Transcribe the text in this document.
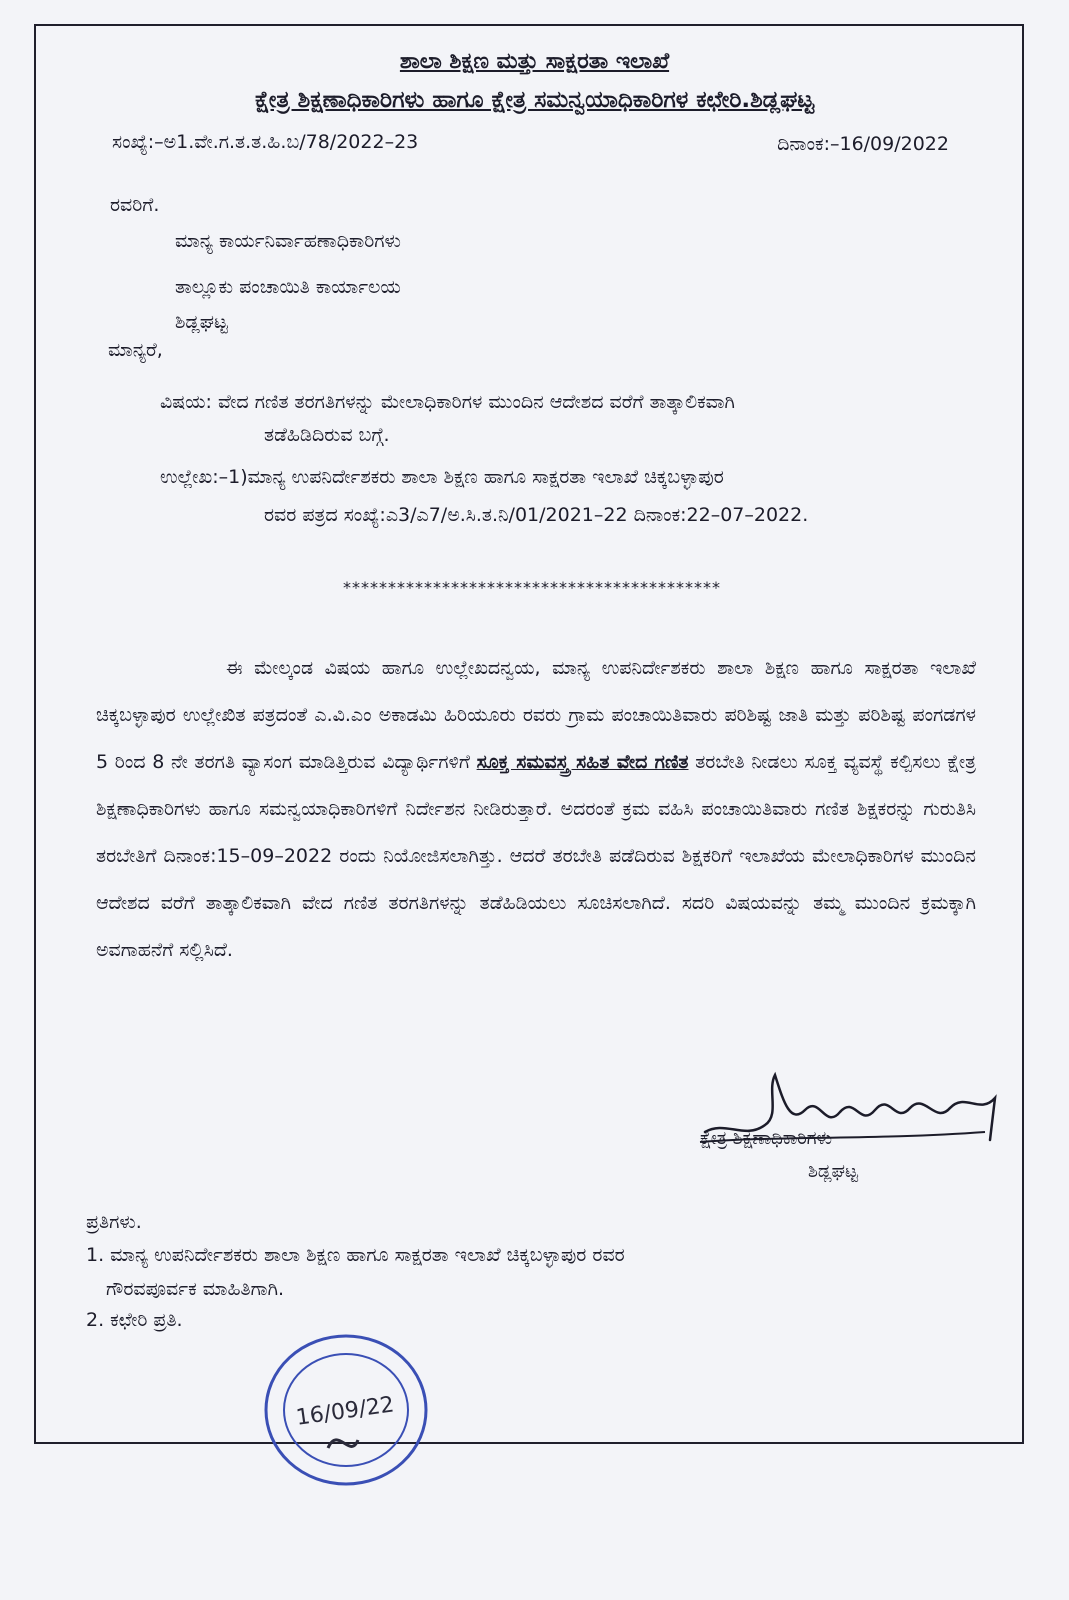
ಶಾಲಾ ಶಿಕ್ಷಣ ಮತ್ತು ಸಾಕ್ಷರತಾ ಇಲಾಖೆ
ಕ್ಷೇತ್ರ ಶಿಕ್ಷಣಾಧಿಕಾರಿಗಳು ಹಾಗೂ ಕ್ಷೇತ್ರ ಸಮನ್ವಯಾಧಿಕಾರಿಗಳ ಕಛೇರಿ.ಶಿಡ್ಲಘಟ್ಟ
ಸಂಖ್ಯೆ:–ಅ1.ವೇ.ಗ.ತ.ತ.ಹಿ.ಬ/78/2022–23	ದಿನಾಂಕ:–16/09/2022
ರವರಿಗೆ.
ಮಾನ್ಯ ಕಾರ್ಯನಿರ್ವಾಹಣಾಧಿಕಾರಿಗಳು
ತಾಲ್ಲೂಕು ಪಂಚಾಯಿತಿ ಕಾರ್ಯಾಲಯ
ಶಿಡ್ಲಘಟ್ಟ
ಮಾನ್ಯರೆ,
ವಿಷಯ: ವೇದ ಗಣಿತ ತರಗತಿಗಳನ್ನು ಮೇಲಾಧಿಕಾರಿಗಳ ಮುಂದಿನ ಆದೇಶದ ವರೆಗೆ ತಾತ್ಕಾಲಿಕವಾಗಿ
ತಡೆಹಿಡಿದಿರುವ ಬಗ್ಗೆ.
ಉಲ್ಲೇಖ:–1)ಮಾನ್ಯ ಉಪನಿರ್ದೇಶಕರು ಶಾಲಾ ಶಿಕ್ಷಣ ಹಾಗೂ ಸಾಕ್ಷರತಾ ಇಲಾಖೆ ಚಿಕ್ಕಬಳ್ಳಾಪುರ
ರವರ ಪತ್ರದ ಸಂಖ್ಯೆ:ಎ3/ಎ7/ಅ.ಸಿ.ತ.ನಿ/01/2021–22 ದಿನಾಂಕ:22–07–2022.
******************************************
ಈ ಮೇಲ್ಕಂಡ ವಿಷಯ ಹಾಗೂ ಉಲ್ಲೇಖದನ್ವಯ, ಮಾನ್ಯ ಉಪನಿರ್ದೇಶಕರು ಶಾಲಾ ಶಿಕ್ಷಣ ಹಾಗೂ ಸಾಕ್ಷರತಾ ಇಲಾಖೆ ಚಿಕ್ಕಬಳ್ಳಾಪುರ ಉಲ್ಲೇಖಿತ ಪತ್ರದಂತೆ ಎ.ವಿ.ಎಂ ಅಕಾಡಮಿ ಹಿರಿಯೂರು ರವರು ಗ್ರಾಮ ಪಂಚಾಯಿತಿವಾರು ಪರಿಶಿಷ್ಟ ಜಾತಿ ಮತ್ತು ಪರಿಶಿಷ್ಟ ಪಂಗಡಗಳ 5 ರಿಂದ 8 ನೇ ತರಗತಿ ವ್ಯಾಸಂಗ ಮಾಡಿತ್ತಿರುವ ವಿದ್ಯಾರ್ಥಿಗಳಿಗೆ ಸೂಕ್ತ ಸಮವಸ್ತ್ರ ಸಹಿತ ವೇದ ಗಣಿತ ತರಬೇತಿ ನೀಡಲು ಸೂಕ್ತ ವ್ಯವಸ್ಥೆ ಕಲ್ಪಿಸಲು ಕ್ಷೇತ್ರ ಶಿಕ್ಷಣಾಧಿಕಾರಿಗಳು ಹಾಗೂ ಸಮನ್ವಯಾಧಿಕಾರಿಗಳಿಗೆ ನಿರ್ದೇಶನ ನೀಡಿರುತ್ತಾರೆ. ಅದರಂತೆ ಕ್ರಮ ವಹಿಸಿ ಪಂಚಾಯಿತಿವಾರು ಗಣಿತ ಶಿಕ್ಷಕರನ್ನು ಗುರುತಿಸಿ ತರಬೇತಿಗೆ ದಿನಾಂಕ:15–09–2022 ರಂದು ನಿಯೋಜಿಸಲಾಗಿತ್ತು. ಆದರೆ ತರಬೇತಿ ಪಡೆದಿರುವ ಶಿಕ್ಷಕರಿಗೆ ಇಲಾಖೆಯ ಮೇಲಾಧಿಕಾರಿಗಳ ಮುಂದಿನ ಆದೇಶದ ವರೆಗೆ ತಾತ್ಕಾಲಿಕವಾಗಿ ವೇದ ಗಣಿತ ತರಗತಿಗಳನ್ನು ತಡೆಹಿಡಿಯಲು ಸೂಚಿಸಲಾಗಿದೆ. ಸದರಿ ವಿಷಯವನ್ನು ತಮ್ಮ ಮುಂದಿನ ಕ್ರಮಕ್ಕಾಗಿ ಅವಗಾಹನೆಗೆ ಸಲ್ಲಿಸಿದೆ.
ಕ್ಷೇತ್ರ ಶಿಕ್ಷಣಾಧಿಕಾರಿಗಳು
ಶಿಡ್ಲಘಟ್ಟ
ಪ್ರತಿಗಳು.
1. ಮಾನ್ಯ ಉಪನಿರ್ದೇಶಕರು ಶಾಲಾ ಶಿಕ್ಷಣ ಹಾಗೂ ಸಾಕ್ಷರತಾ ಇಲಾಖೆ ಚಿಕ್ಕಬಳ್ಳಾಪುರ ರವರ
ಗೌರವಪೂರ್ವಕ ಮಾಹಿತಿಗಾಗಿ.
2. ಕಛೇರಿ ಪ್ರತಿ.
16/09/22
